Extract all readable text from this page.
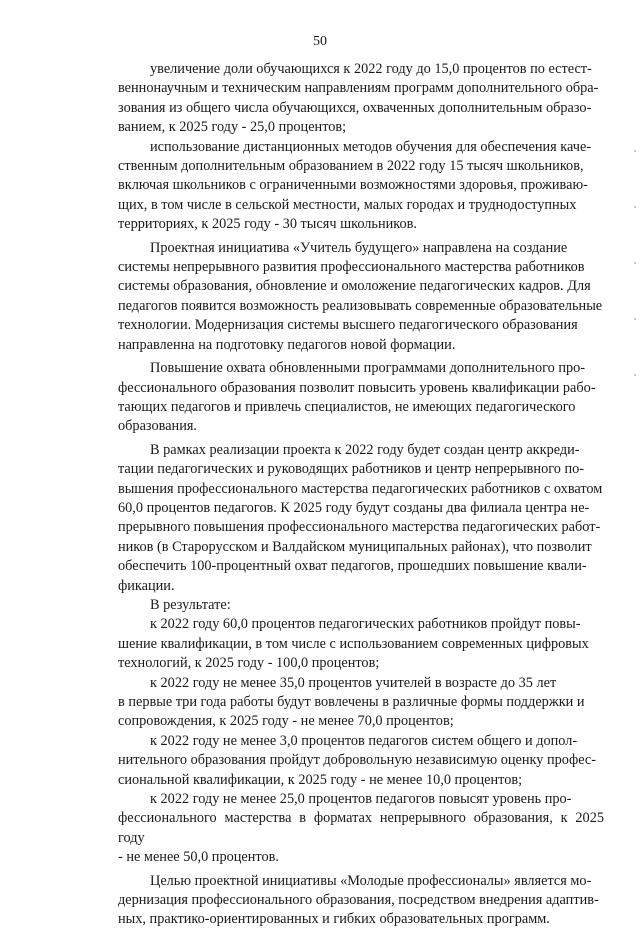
50

увеличение доли обучающихся к 2022 году до 15,0 процентов по естест-
веннонаучным и техническим направлениям программ дополнительного обра-
зования из общего числа обучающихся, охваченных дополнительным образо-
ванием, к 2025 году - 25,0 процентов;

использование дистанционных методов обучения для обеспечения каче-
ственным дополнительным образованием в 2022 году 15 тысяч школьников,
включая школьников с ограниченными возможностями здоровья, проживаю-
щих, в том числе в сельской местности, малых городах и труднодоступных
территориях, к 2025 году - 30 тысяч школьников.

Проектная инициатива «Учитель будущего» направлена на создание
системы непрерывного развития профессионального мастерства работников
системы образования, обновление и омоложение педагогических кадров. Для
педагогов появится возможность реализовывать современные образовательные
технологии. Модернизация системы высшего педагогического образования
направленна на подготовку педагогов новой формации.

Повышение охвата обновленными программами дополнительного про-
фессионального образования позволит повысить уровень квалификации рабо-
тающих педагогов и привлечь специалистов, не имеющих педагогического
образования.

В рамках реализации проекта к 2022 году будет создан центр аккреди-
тации педагогических и руководящих работников и центр непрерывного по-
вышения профессионального мастерства педагогических работников с охватом
60,0 процентов педагогов. К 2025 году будут созданы два филиала центра не-
прерывного повышения профессионального мастерства педагогических работ-
ников (в Старорусском и Валдайском муниципальных районах), что позволит
обеспечить 100-процентный охват педагогов, прошедших повышение квали-
фикации.

В результате:

к 2022 году 60,0 процентов педагогических работников пройдут повы-
шение квалификации, в том числе с использованием современных цифровых
технологий, к 2025 году - 100,0 процентов;

к 2022 году не менее 35,0 процентов учителей в возрасте до 35 лет
в первые три года работы будут вовлечены в различные формы поддержки и
сопровождения, к 2025 году - не менее 70,0 процентов;

к 2022 году не менее 3,0 процентов педагогов систем общего и допол-
нительного образования пройдут добровольную независимую оценку профес-
сиональной квалификации, к 2025 году - не менее 10,0 процентов;

к 2022 году не менее 25,0 процентов педагогов повысят уровень про-
фессионального мастерства в форматах непрерывного образования, к 2025 году
- не менее 50,0 процентов.

Целью проектной инициативы «Молодые профессионалы» является мо-
дернизация профессионального образования, посредством внедрения адаптив-
ных, практико-ориентированных и гибких образовательных программ.
